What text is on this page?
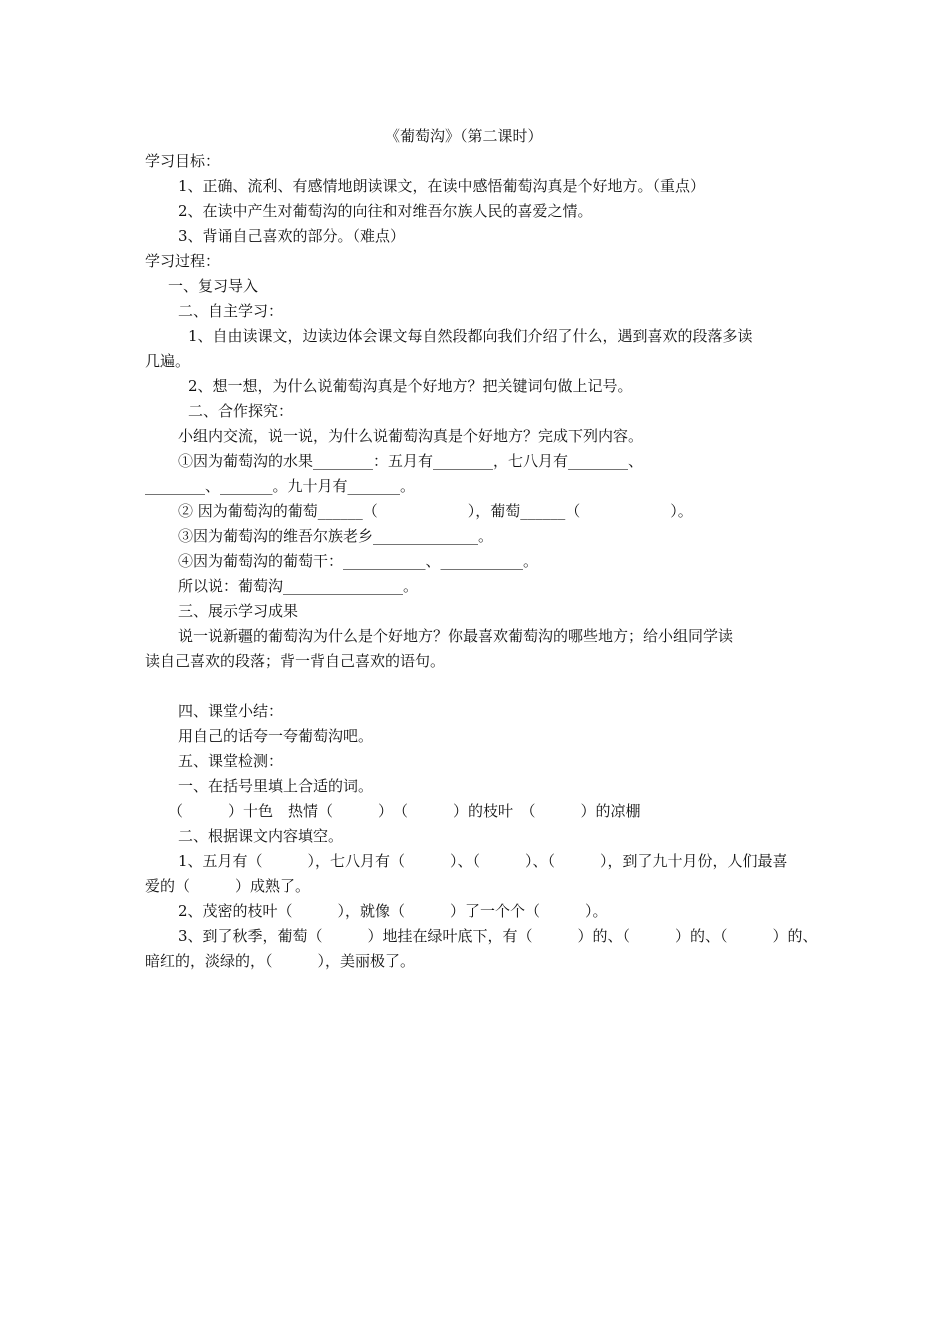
《葡萄沟》（第二课时）
学习目标：
1、正确、流利、有感情地朗读课文，在读中感悟葡萄沟真是个好地方。（重点）
2、在读中产生对葡萄沟的向往和对维吾尔族人民的喜爱之情。
3、背诵自己喜欢的部分。（难点）
学习过程：
一、复习导入
二、自主学习：
1、自由读课文，边读边体会课文每自然段都向我们介绍了什么，遇到喜欢的段落多读
几遍。
2、想一想，为什么说葡萄沟真是个好地方？把关键词句做上记号。
二、合作探究：
小组内交流，说一说，为什么说葡萄沟真是个好地方？完成下列内容。
①因为葡萄沟的水果________：五月有________，七八月有________、
________、_______。九十月有_______。
② 因为葡萄沟的葡萄______（　　　　　　），葡萄______（　　　　　　）。
③因为葡萄沟的维吾尔族老乡______________。
④因为葡萄沟的葡萄干：___________、___________。
所以说：葡萄沟________________。
三、展示学习成果
说一说新疆的葡萄沟为什么是个好地方？你最喜欢葡萄沟的哪些地方；给小组同学读
读自己喜欢的段落；背一背自己喜欢的语句。
四、课堂小结：
用自己的话夸一夸葡萄沟吧。
五、课堂检测：
一、在括号里填上合适的词。
（　　　）十色　热情（　　　）　（　　　）的枝叶　（　　　）的凉棚
二、根据课文内容填空。
1、五月有（　　　），七八月有（　　　）、（　　　）、（　　　），到了九十月份，人们最喜
爱的（　　　）成熟了。
2、茂密的枝叶（　　　），就像（　　　）了一个个（　　　）。
3、到了秋季，葡萄（　　　）地挂在绿叶底下，有（　　　）的、（　　　）的、（　　　）的、
暗红的，淡绿的，（　　　），美丽极了。
